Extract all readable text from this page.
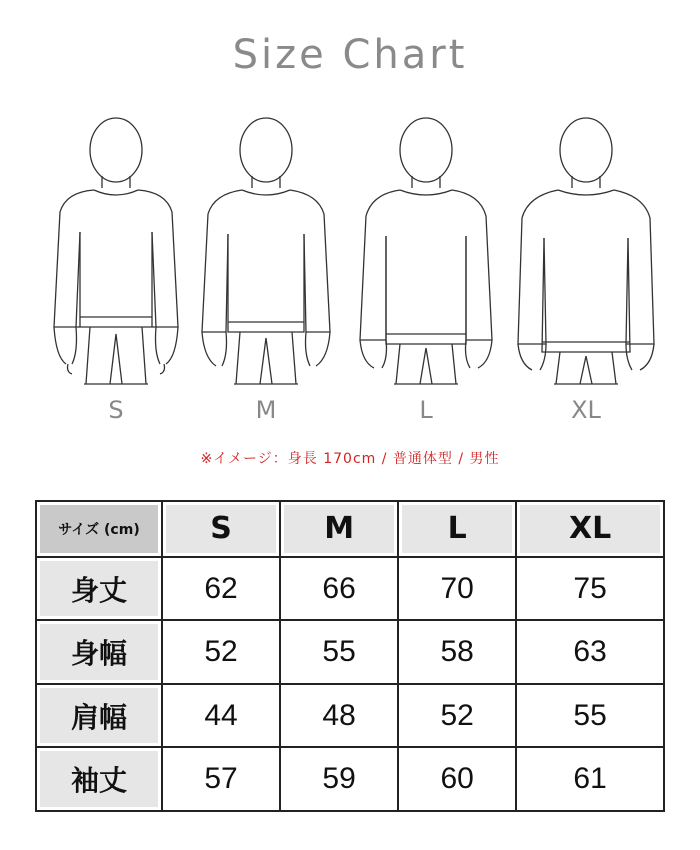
Size Chart
S	M	L	XL
※イメージ：身長 170cm / 普通体型 / 男性
サイズ (cm)	S	M	L	XL
身丈	62	66	70	75
身幅	52	55	58	63
肩幅	44	48	52	55
袖丈	57	59	60	61
